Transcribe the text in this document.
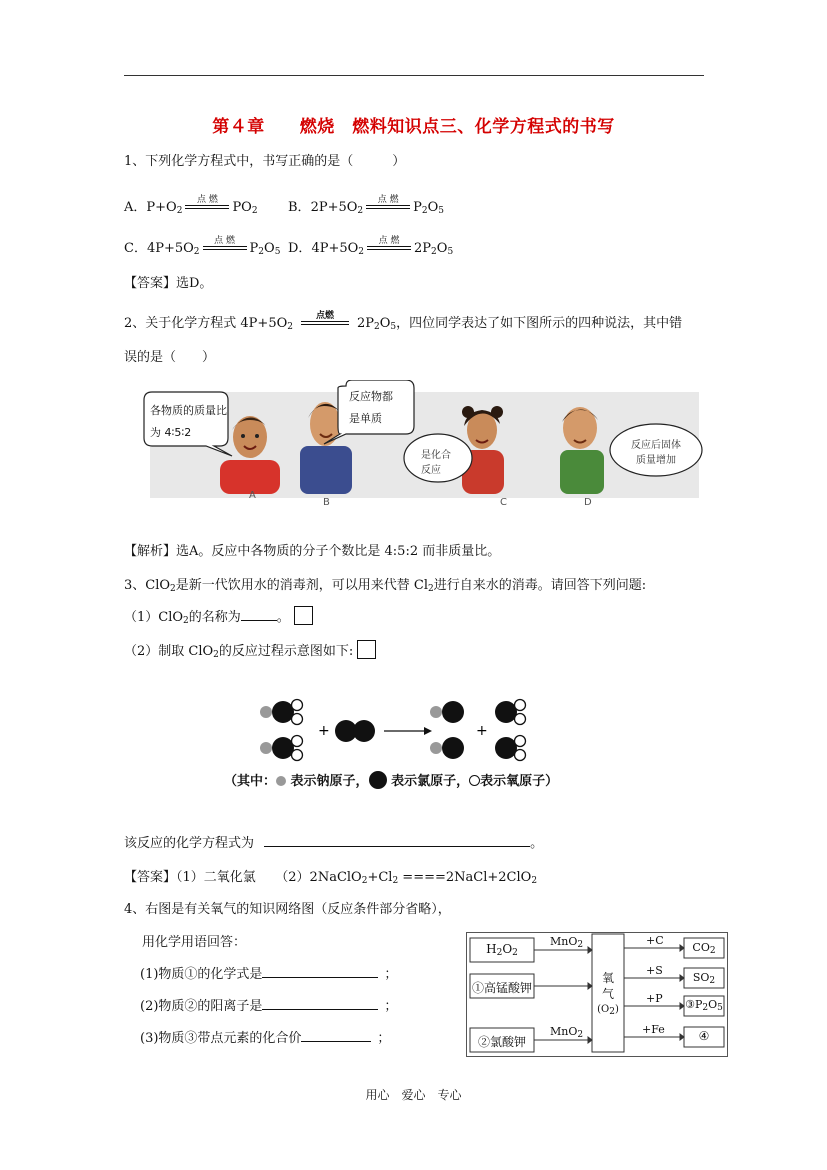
第４章　　燃烧　燃料知识点三、化学方程式的书写
1、下列化学方程式中，书写正确的是（　　　）
A．$P+O_2$
点 燃	$PO_2$ B．$2P+5O_2$
点 燃	$P_2O_5$
C．$4P+5O_2$
点 燃	$P_2O_5$ D．$4P+5O_2$
点 燃	$2P_2O_5$
【答案】选D。
2、关于化学方程式 $4P+5O_2$
点燃	$2P_2O_5$，四位同学表达了如下图所示的四种说法，其中错
误的是（　　）
各物质的质量比
为 4∶5∶2
反应物都
是单质
是化合
反应
反应后固体
质量增加
A
B	C	D
【解析】选A。反应中各物质的分子个数比是 4:5:2 而非质量比。
3、ClO$_2$是新一代饮用水的消毒剂，可以用来代替 $Cl_2$进行自来水的消毒。请回答下列问题:
（1）ClO$_2$的名称为	。
（2）制取 ClO$_2$的反应过程示意图如下:
+	+
（其中： 表示钠原子， 表示氯原子， 表示氧原子）
该反应的化学方程式为	。
【答案】（1）二氧化氯　　$(2)2NaClO_2+Cl_2$ ====2NaCl+2ClO$_2$
4、右图是有关氧气的知识网络图（反应条件部分省略），
用化学用语回答：
(1)物质①的化学式是	；
(2)物质②的阳离子是	；
(3)物质③带点元素的化合价	；
$H_2O_2$
①高锰酸钾
②氯酸钾
MnO$_2$
MnO$_2$
氧
气
(O2)
+C
+S
+P
+Fe
$CO_2$
$SO_2$
$③P_2O_5$
④
用心　爱心　专心
